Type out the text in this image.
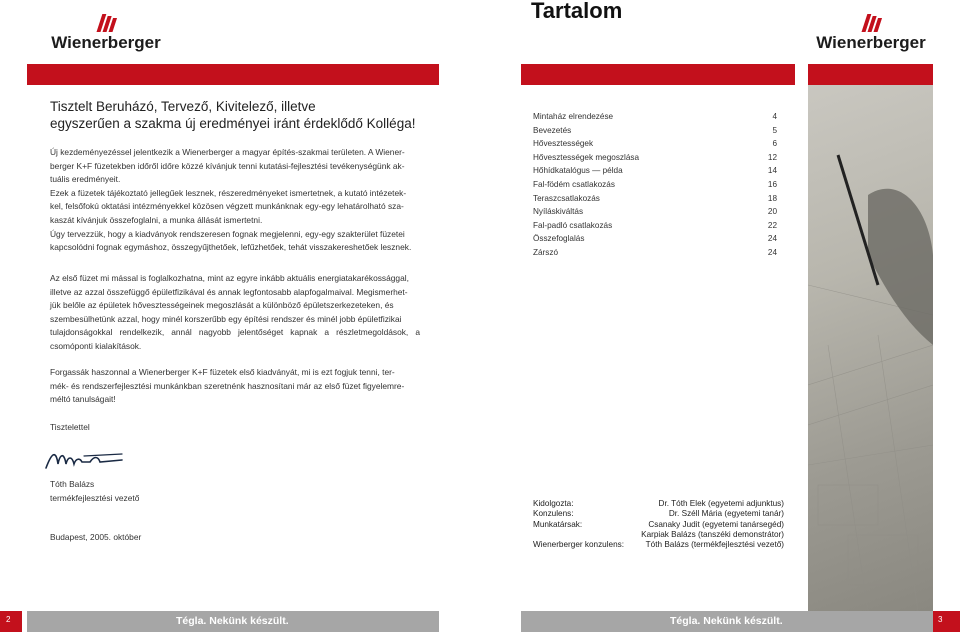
Wienerberger
Tisztelt Beruházó, Tervező, Kivitelező, illetve
egyszerűen a szakma új eredményei iránt érdeklődő Kolléga!

Új kezdeményezéssel jelentkezik a Wienerberger a magyar építés-szakmai területen. A Wiener-

berger K+F füzetekben időről időre közzé kívánjuk tenni kutatási-fejlesztési tevékenységünk ak-

tuális eredményeit.

Ezek a füzetek tájékoztató jellegűek lesznek, részeredményeket ismertetnek, a kutató intézetek-

kel, felsőfokú oktatási intézményekkel közösen végzett munkánknak egy-egy lehatárolható sza-

kaszát kívánjuk összefoglalni, a munka állását ismertetni.

Úgy tervezzük, hogy a kiadványok rendszeresen fognak megjelenni, egy-egy szakterület füzetei

kapcsolódni fognak egymáshoz, összegyűjthetőek, lefűzhetőek, tehát visszakereshetőek lesznek.

Az első füzet mi mással is foglalkozhatna, mint az egyre inkább aktuális energiatakarékossággal,

illetve az azzal összefüggő épületfizikával és annak legfontosabb alapfogalmaival. Megismerhet-

jük belőle az épületek hővesztességeinek megoszlását a különböző épületszerkezeteken, és

szembesülhetünk azzal, hogy minél korszerűbb egy építési rendszer és minél jobb épületfizikai

tulajdonságokkal rendelkezik, annál nagyobb jelentőséget kapnak a részletmegoldások, a csomóponti kialakítások.

Forgassák haszonnal a Wienerberger K+F füzetek első kiadványát, mi is ezt fogjuk tenni, ter-

mék- és rendszerfejlesztési munkánkban szeretnénk hasznosítani már az első füzet figyelemre-

méltó tanulságait!

Tisztelettel

Tóth Balázs

termékfejlesztési vezető

Budapest, 2005. október
2	Tégla. Nekünk készült.
Tartalom
Wienerberger
Mintaház elrendezése	4
Bevezetés	5
Hővesztességek	6
Hővesztességek megoszlása	12
Hőhídkatalógus — példa	14
Fal-födém csatlakozás	16
Teraszcsatlakozás	18
Nyíláskiváltás	20
Fal-padló csatlakozás	22
Összefoglalás	24
Zárszó	24
Kidolgozta:	Dr. Tóth Elek (egyetemi adjunktus)
Konzulens:	Dr. Széll Mária (egyetemi tanár)
Munkatársak:	Csanaky Judit (egyetemi tanársegéd)
Karpiak Balázs (tanszéki demonstrátor)
Wienerberger konzulens:	Tóth Balázs (termékfejlesztési vezető)
Tégla. Nekünk készült.	3
